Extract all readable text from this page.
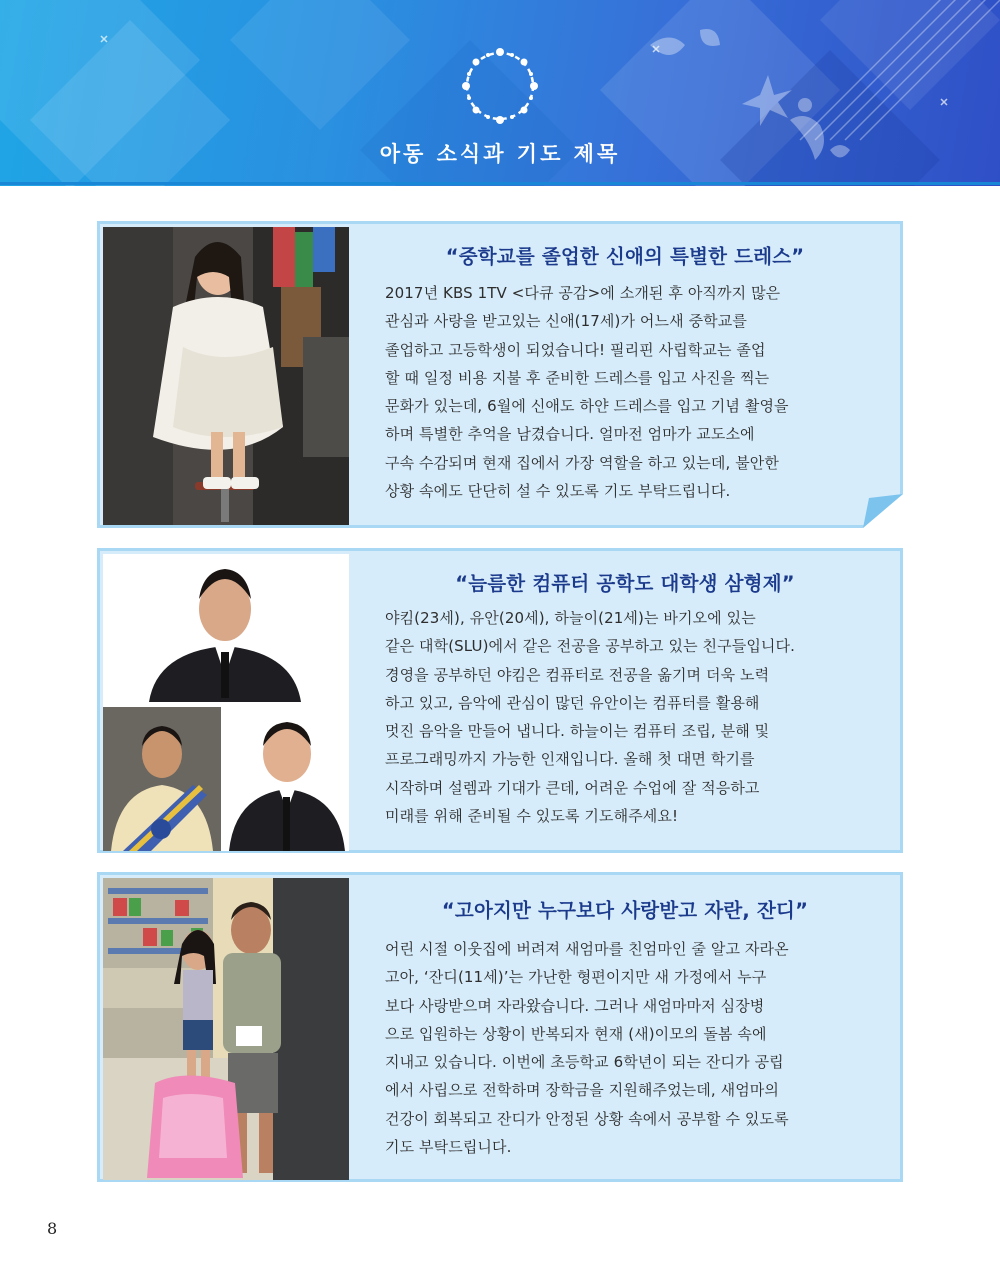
아동 소식과 기도 제목

“중학교를 졸업한 신애의 특별한 드레스”

2017년 KBS 1TV <다큐 공감>에 소개된 후 아직까지 많은
관심과 사랑을 받고있는 신애(17세)가 어느새 중학교를
졸업하고 고등학생이 되었습니다! 필리핀 사립학교는 졸업
할 때 일정 비용 지불 후 준비한 드레스를 입고 사진을 찍는
문화가 있는데, 6월에 신애도 하얀 드레스를 입고 기념 촬영을
하며 특별한 추억을 남겼습니다. 얼마전 엄마가 교도소에
구속 수감되며 현재 집에서 가장 역할을 하고 있는데, 불안한
상황 속에도 단단히 설 수 있도록 기도 부탁드립니다.

“늠름한 컴퓨터 공학도 대학생 삼형제”

야킴(23세), 유안(20세), 하늘이(21세)는 바기오에 있는
같은 대학(SLU)에서 같은 전공을 공부하고 있는 친구들입니다.
경영을 공부하던 야킴은 컴퓨터로 전공을 옮기며 더욱 노력
하고 있고, 음악에 관심이 많던 유안이는 컴퓨터를 활용해
멋진 음악을 만들어 냅니다. 하늘이는 컴퓨터 조립, 분해 및
프로그래밍까지 가능한 인재입니다. 올해 첫 대면 학기를
시작하며 설렘과 기대가 큰데, 어려운 수업에 잘 적응하고
미래를 위해 준비될 수 있도록 기도해주세요!

“고아지만 누구보다 사랑받고 자란, 잔디”

어린 시절 이웃집에 버려져 새엄마를 친엄마인 줄 알고 자라온
고아, ‘잔디(11세)’는 가난한 형편이지만 새 가정에서 누구
보다 사랑받으며 자라왔습니다. 그러나 새엄마마저 심장병
으로 입원하는 상황이 반복되자 현재 (새)이모의 돌봄 속에
지내고 있습니다. 이번에 초등학교 6학년이 되는 잔디가 공립
에서 사립으로 전학하며 장학금을 지원해주었는데, 새엄마의
건강이 회복되고 잔디가 안정된 상황 속에서 공부할 수 있도록
기도 부탁드립니다.

8
